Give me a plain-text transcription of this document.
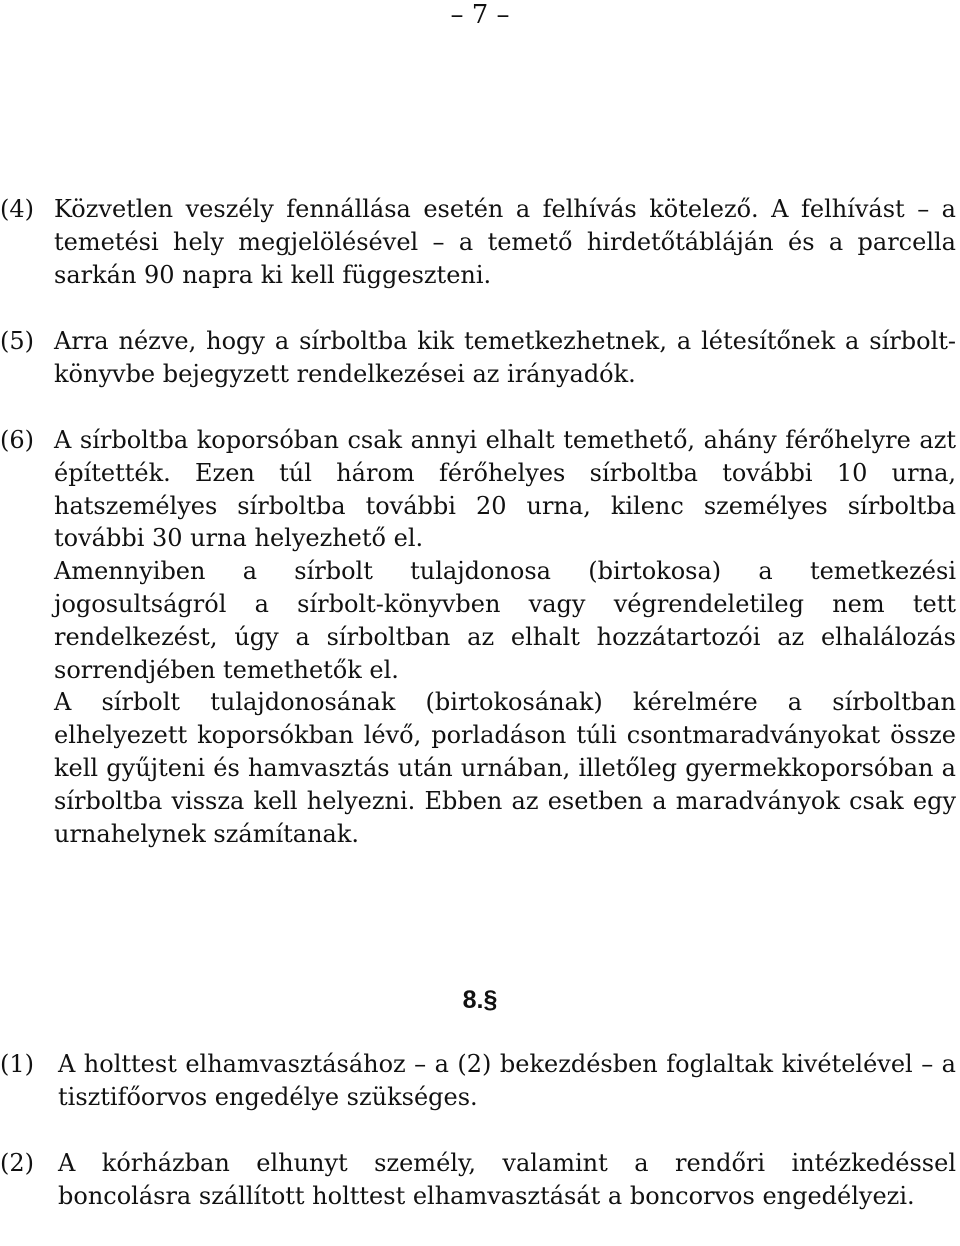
– 7 –
(4) Közvetlen veszély fennállása esetén a felhívás kötelező. A felhívást – a temetési hely megjelölésével – a temető hirdetőtábláján és a parcella sarkán 90 napra ki kell függeszteni.
(5) Arra nézve, hogy a sírboltba kik temetkezhetnek, a létesítőnek a sírbolt-könyvbe bejegyzett rendelkezései az irányadók.
(6) A sírboltba koporsóban csak annyi elhalt temethető, ahány férőhelyre azt építették. Ezen túl három férőhelyes sírboltba további 10 urna, hatszemélyes sírboltba további 20 urna, kilenc személyes sírboltba további 30 urna helyezhető el.
Amennyiben a sírbolt tulajdonosa (birtokosa) a temetkezési jogosultságról a sírbolt-könyvben vagy végrendeletileg nem tett rendelkezést, úgy a sírboltban az elhalt hozzátartozói az elhalálozás sorrendjében temethetők el.
A sírbolt tulajdonosának (birtokosának) kérelmére a sírboltban elhelyezett koporsókban lévő, porladáson túli csontmaradványokat össze kell gyűjteni és hamvasztás után urnában, illetőleg gyermekkoporsóban a sírboltba vissza kell helyezni. Ebben az esetben a maradványok csak egy urnahelynek számítanak.
8.§
(1) A holttest elhamvasztásához – a (2) bekezdésben foglaltak kivételével – a tisztifőorvos engedélye szükséges.
(2) A kórházban elhunyt személy, valamint a rendőri intézkedéssel boncolásra szállított holttest elhamvasztását a boncorvos engedélyezi.
